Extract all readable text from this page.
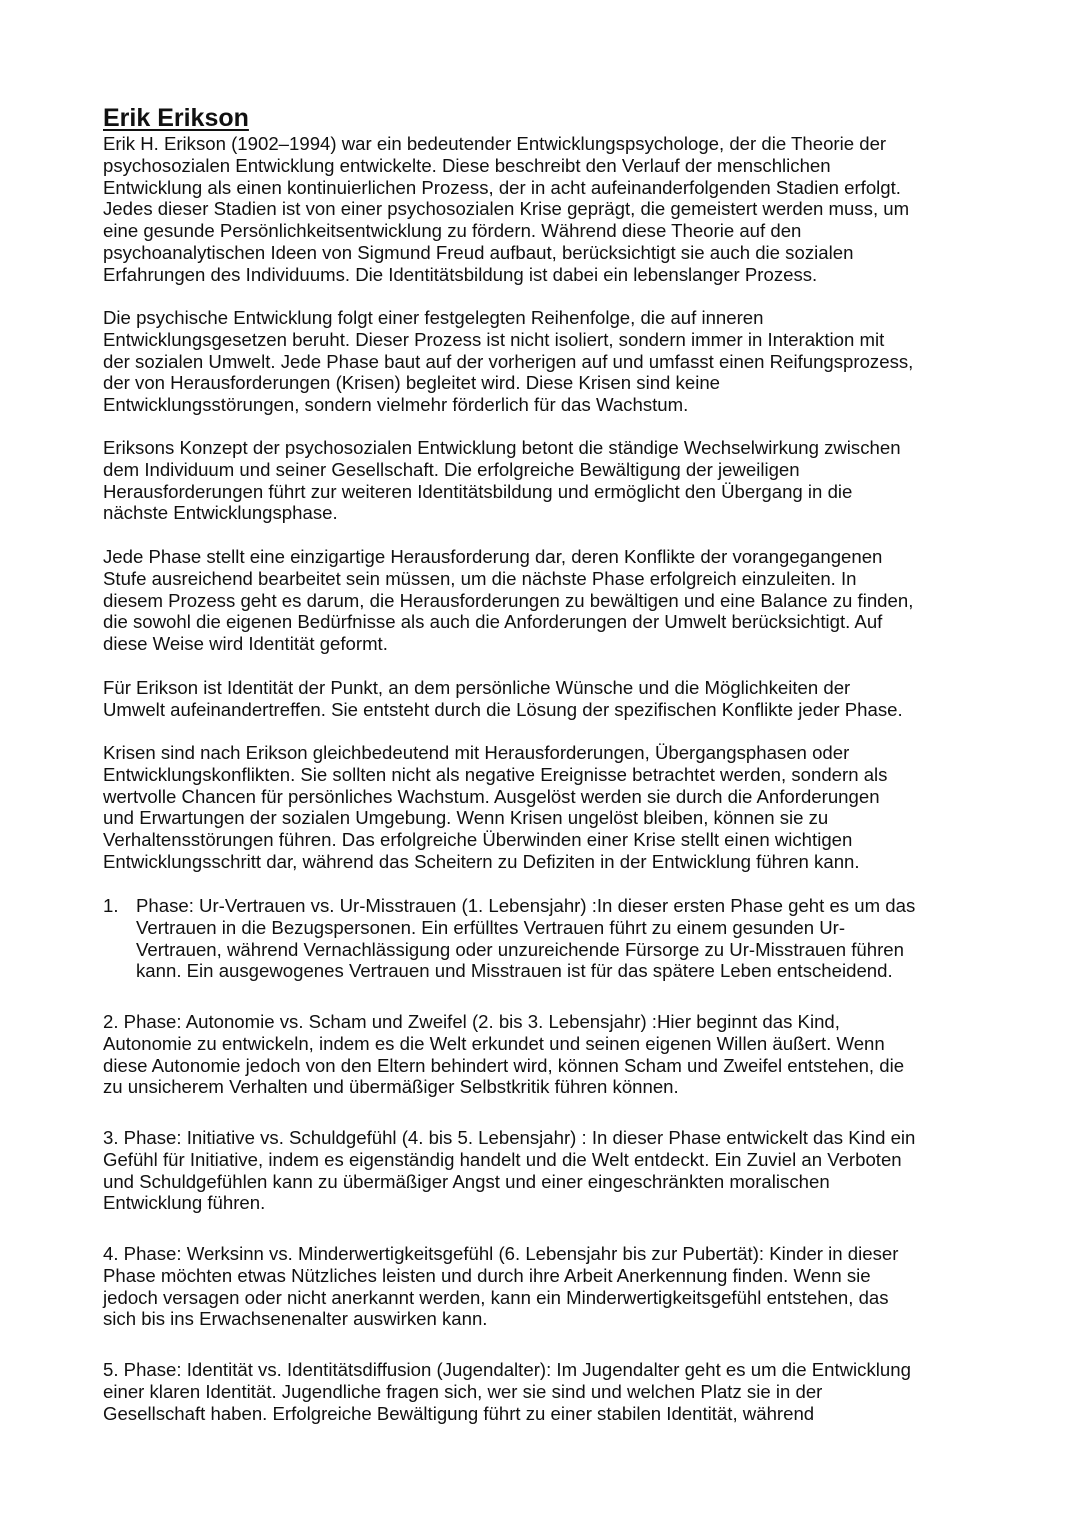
Erik Erikson
Erik H. Erikson (1902–1994) war ein bedeutender Entwicklungspsychologe, der die Theorie der
psychosozialen Entwicklung entwickelte. Diese beschreibt den Verlauf der menschlichen
Entwicklung als einen kontinuierlichen Prozess, der in acht aufeinanderfolgenden Stadien erfolgt.
Jedes dieser Stadien ist von einer psychosozialen Krise geprägt, die gemeistert werden muss, um
eine gesunde Persönlichkeitsentwicklung zu fördern. Während diese Theorie auf den
psychoanalytischen Ideen von Sigmund Freud aufbaut, berücksichtigt sie auch die sozialen
Erfahrungen des Individuums. Die Identitätsbildung ist dabei ein lebenslanger Prozess.
Die psychische Entwicklung folgt einer festgelegten Reihenfolge, die auf inneren
Entwicklungsgesetzen beruht. Dieser Prozess ist nicht isoliert, sondern immer in Interaktion mit
der sozialen Umwelt. Jede Phase baut auf der vorherigen auf und umfasst einen Reifungsprozess,
der von Herausforderungen (Krisen) begleitet wird. Diese Krisen sind keine
Entwicklungsstörungen, sondern vielmehr förderlich für das Wachstum.
Eriksons Konzept der psychosozialen Entwicklung betont die ständige Wechselwirkung zwischen
dem Individuum und seiner Gesellschaft. Die erfolgreiche Bewältigung der jeweiligen
Herausforderungen führt zur weiteren Identitätsbildung und ermöglicht den Übergang in die
nächste Entwicklungsphase.
Jede Phase stellt eine einzigartige Herausforderung dar, deren Konflikte der vorangegangenen
Stufe ausreichend bearbeitet sein müssen, um die nächste Phase erfolgreich einzuleiten. In
diesem Prozess geht es darum, die Herausforderungen zu bewältigen und eine Balance zu finden,
die sowohl die eigenen Bedürfnisse als auch die Anforderungen der Umwelt berücksichtigt. Auf
diese Weise wird Identität geformt.
Für Erikson ist Identität der Punkt, an dem persönliche Wünsche und die Möglichkeiten der
Umwelt aufeinandertreffen. Sie entsteht durch die Lösung der spezifischen Konflikte jeder Phase.
Krisen sind nach Erikson gleichbedeutend mit Herausforderungen, Übergangsphasen oder
Entwicklungskonflikten. Sie sollten nicht als negative Ereignisse betrachtet werden, sondern als
wertvolle Chancen für persönliches Wachstum. Ausgelöst werden sie durch die Anforderungen
und Erwartungen der sozialen Umgebung. Wenn Krisen ungelöst bleiben, können sie zu
Verhaltensstörungen führen. Das erfolgreiche Überwinden einer Krise stellt einen wichtigen
Entwicklungsschritt dar, während das Scheitern zu Defiziten in der Entwicklung führen kann.
1. Phase: Ur-Vertrauen vs. Ur-Misstrauen (1. Lebensjahr) :In dieser ersten Phase geht es um das
Vertrauen in die Bezugspersonen. Ein erfülltes Vertrauen führt zu einem gesunden Ur-
Vertrauen, während Vernachlässigung oder unzureichende Fürsorge zu Ur-Misstrauen führen
kann. Ein ausgewogenes Vertrauen und Misstrauen ist für das spätere Leben entscheidend.
2. Phase: Autonomie vs. Scham und Zweifel (2. bis 3. Lebensjahr) :Hier beginnt das Kind,
Autonomie zu entwickeln, indem es die Welt erkundet und seinen eigenen Willen äußert. Wenn
diese Autonomie jedoch von den Eltern behindert wird, können Scham und Zweifel entstehen, die
zu unsicherem Verhalten und übermäßiger Selbstkritik führen können.
3. Phase: Initiative vs. Schuldgefühl (4. bis 5. Lebensjahr) : In dieser Phase entwickelt das Kind ein
Gefühl für Initiative, indem es eigenständig handelt und die Welt entdeckt. Ein Zuviel an Verboten
und Schuldgefühlen kann zu übermäßiger Angst und einer eingeschränkten moralischen
Entwicklung führen.
4. Phase: Werksinn vs. Minderwertigkeitsgefühl (6. Lebensjahr bis zur Pubertät): Kinder in dieser
Phase möchten etwas Nützliches leisten und durch ihre Arbeit Anerkennung finden. Wenn sie
jedoch versagen oder nicht anerkannt werden, kann ein Minderwertigkeitsgefühl entstehen, das
sich bis ins Erwachsenenalter auswirken kann.
5. Phase: Identität vs. Identitätsdiffusion (Jugendalter): Im Jugendalter geht es um die Entwicklung
einer klaren Identität. Jugendliche fragen sich, wer sie sind und welchen Platz sie in der
Gesellschaft haben. Erfolgreiche Bewältigung führt zu einer stabilen Identität, während
